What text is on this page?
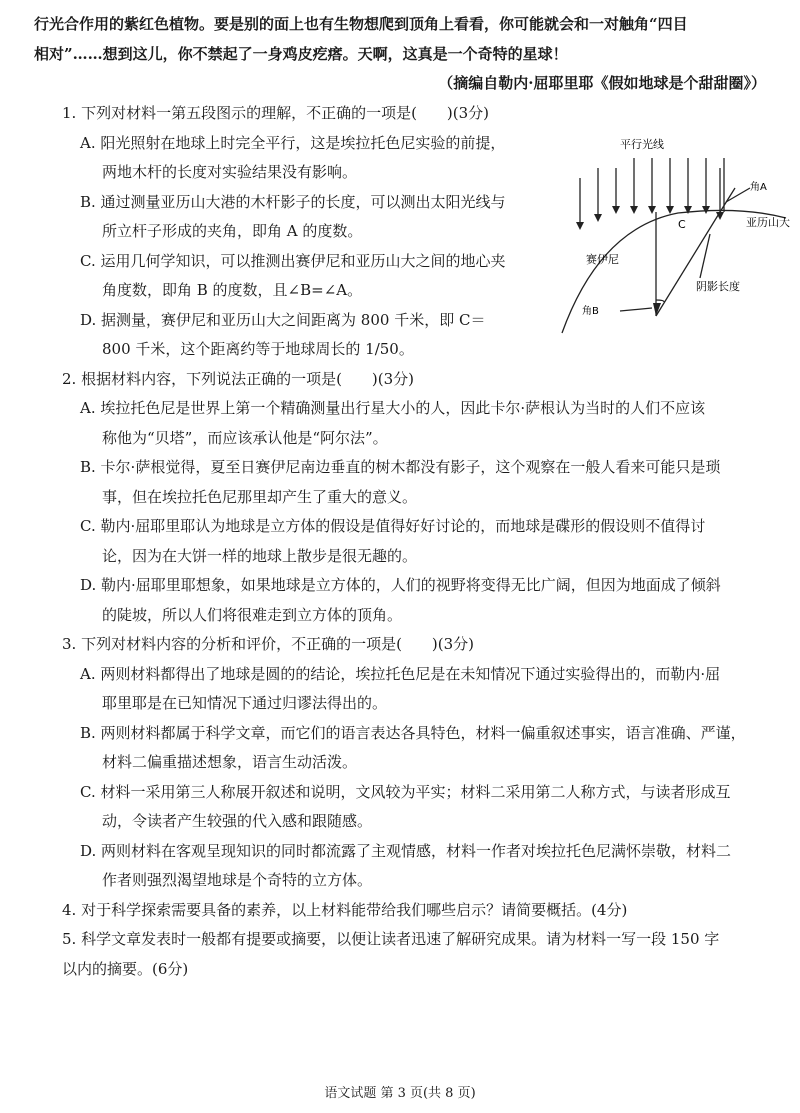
行光合作用的紫红色植物。要是别的面上也有生物想爬到顶角上看看，你可能就会和一对触角“四目
相对”……想到这儿，你不禁起了一身鸡皮疙瘩。天啊，这真是一个奇特的星球！
（摘编自勒内·屈耶里耶《假如地球是个甜甜圈》）
1. 下列对材料一第五段图示的理解，不正确的一项是(　　)(3分)
A. 阳光照射在地球上时完全平行，这是埃拉托色尼实验的前提，
两地木杆的长度对实验结果没有影响。
B. 通过测量亚历山大港的木杆影子的长度，可以测出太阳光线与
所立杆子形成的夹角，即角 A 的度数。
C. 运用几何学知识，可以推测出赛伊尼和亚历山大之间的地心夹
角度数，即角 B 的度数，且∠B=∠A。
D. 据测量，赛伊尼和亚历山大之间距离为 800 千米，即 C＝
800 千米，这个距离约等于地球周长的 1/50。
平行光线
角A
亚历山大
C
赛伊尼
阴影长度
角B
2. 根据材料内容，下列说法正确的一项是(　　)(3分)
A. 埃拉托色尼是世界上第一个精确测量出行星大小的人，因此卡尔·萨根认为当时的人们不应该
称他为“贝塔”，而应该承认他是“阿尔法”。
B. 卡尔·萨根觉得，夏至日赛伊尼南边垂直的树木都没有影子，这个观察在一般人看来可能只是琐
事，但在埃拉托色尼那里却产生了重大的意义。
C. 勒内·屈耶里耶认为地球是立方体的假设是值得好好讨论的，而地球是碟形的假设则不值得讨
论，因为在大饼一样的地球上散步是很无趣的。
D. 勒内·屈耶里耶想象，如果地球是立方体的，人们的视野将变得无比广阔，但因为地面成了倾斜
的陡坡，所以人们将很难走到立方体的顶角。
3. 下列对材料内容的分析和评价，不正确的一项是(　　)(3分)
A. 两则材料都得出了地球是圆的的结论，埃拉托色尼是在未知情况下通过实验得出的，而勒内·屈
耶里耶是在已知情况下通过归谬法得出的。
B. 两则材料都属于科学文章，而它们的语言表达各具特色，材料一偏重叙述事实，语言准确、严谨，
材料二偏重描述想象，语言生动活泼。
C. 材料一采用第三人称展开叙述和说明，文风较为平实；材料二采用第二人称方式，与读者形成互
动，令读者产生较强的代入感和跟随感。
D. 两则材料在客观呈现知识的同时都流露了主观情感，材料一作者对埃拉托色尼满怀崇敬，材料二
作者则强烈渴望地球是个奇特的立方体。
4. 对于科学探索需要具备的素养，以上材料能带给我们哪些启示？请简要概括。(4分)
5. 科学文章发表时一般都有提要或摘要，以便让读者迅速了解研究成果。请为材料一写一段 150 字
以内的摘要。(6分)
语文试题 第 3 页(共 8 页)
